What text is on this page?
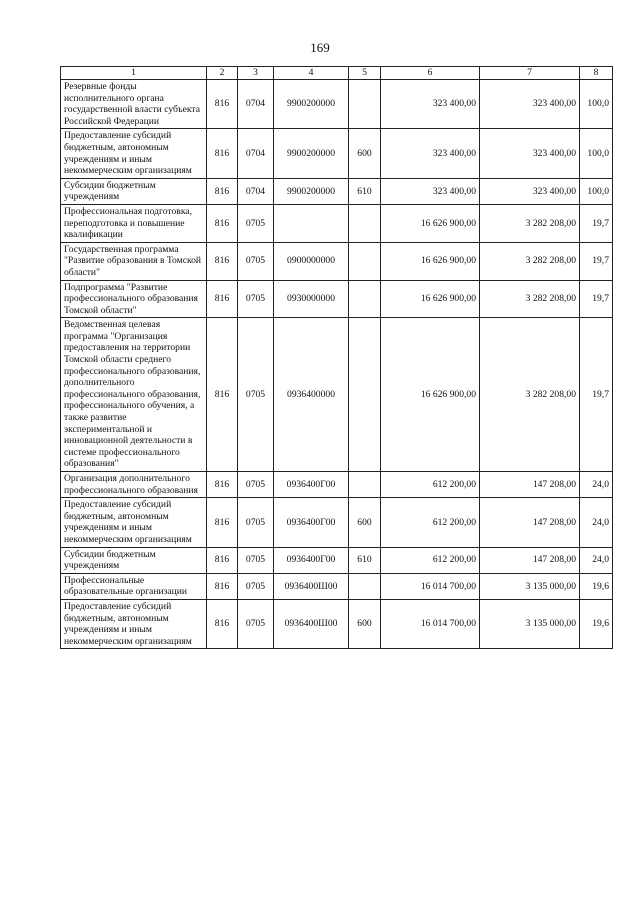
169
1	2	3	4	5	6	7	8
Резервные фонды исполнительного органа государственной власти субъекта Российской Федерации	816	0704	9900200000		323 400,00	323 400,00	100,0
Предоставление субсидий бюджетным, автономным учреждениям и иным некоммерческим организациям	816	0704	9900200000	600	323 400,00	323 400,00	100,0
Субсидии бюджетным учреждениям	816	0704	9900200000	610	323 400,00	323 400,00	100,0
Профессиональная подготовка, переподготовка и повышение квалификации	816	0705			16 626 900,00	3 282 208,00	19,7
Государственная программа "Развитие образования в Томской области"	816	0705	0900000000		16 626 900,00	3 282 208,00	19,7
Подпрограмма "Развитие профессионального образования Томской области"	816	0705	0930000000		16 626 900,00	3 282 208,00	19,7
Ведомственная целевая программа "Организация предоставления на территории Томской области среднего профессионального образования, дополнительного профессионального образования, профессионального обучения, а также развитие экспериментальной и инновационной деятельности в системе профессионального образования"	816	0705	0936400000		16 626 900,00	3 282 208,00	19,7
Организация дополнительного профессионального образования	816	0705	0936400Г00		612 200,00	147 208,00	24,0
Предоставление субсидий бюджетным, автономным учреждениям и иным некоммерческим организациям	816	0705	0936400Г00	600	612 200,00	147 208,00	24,0
Субсидии бюджетным учреждениям	816	0705	0936400Г00	610	612 200,00	147 208,00	24,0
Профессиональные образовательные организации	816	0705	0936400Ш00		16 014 700,00	3 135 000,00	19,6
Предоставление субсидий бюджетным, автономным учреждениям и иным некоммерческим организациям	816	0705	0936400Ш00	600	16 014 700,00	3 135 000,00	19,6
